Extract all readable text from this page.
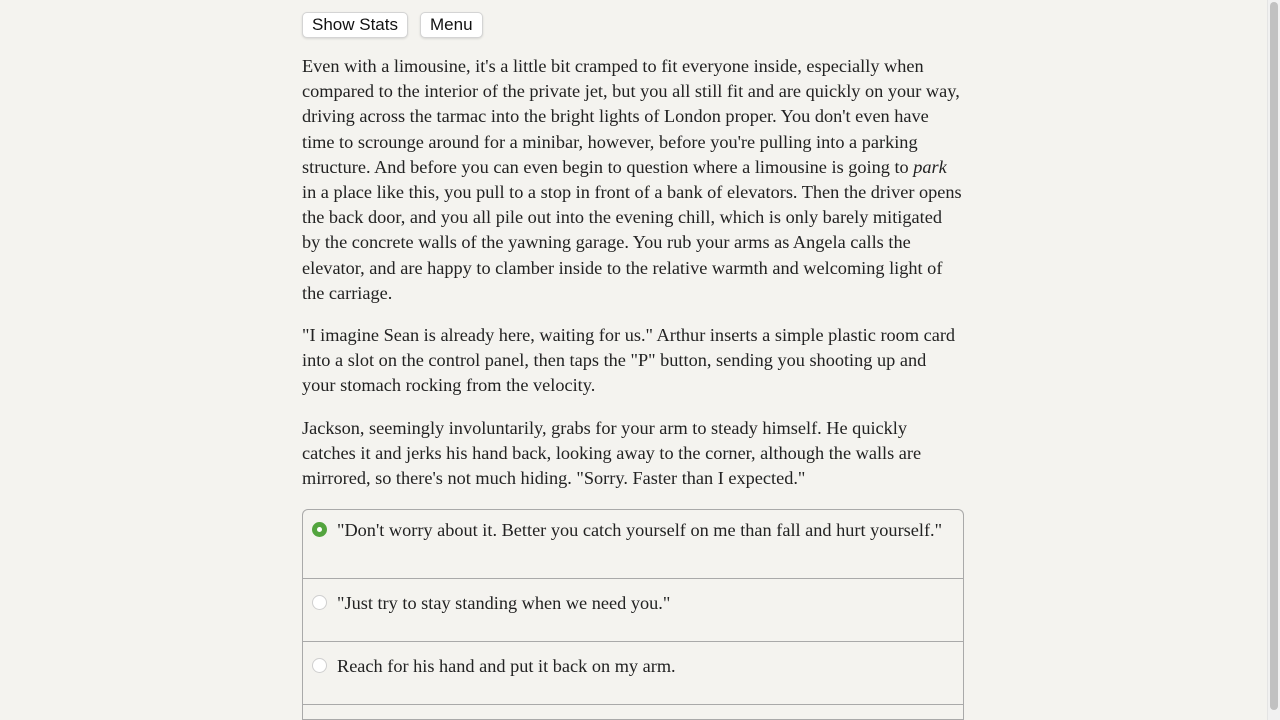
Show Stats	Menu

Even with a limousine, it's a little bit cramped to fit everyone inside, especially when compared to the interior of the private jet, but you all still fit and are quickly on your way, driving across the tarmac into the bright lights of London proper. You don't even have time to scrounge around for a minibar, however, before you're pulling into a parking structure. And before you can even begin to question where a limousine is going to park in a place like this, you pull to a stop in front of a bank of elevators. Then the driver opens the back door, and you all pile out into the evening chill, which is only barely mitigated by the concrete walls of the yawning garage. You rub your arms as Angela calls the elevator, and are happy to clamber inside to the relative warmth and welcoming light of the carriage.

"I imagine Sean is already here, waiting for us." Arthur inserts a simple plastic room card into a slot on the control panel, then taps the "P" button, sending you shooting up and your stomach rocking from the velocity.

Jackson, seemingly involuntarily, grabs for your arm to steady himself. He quickly catches it and jerks his hand back, looking away to the corner, although the walls are mirrored, so there's not much hiding. "Sorry. Faster than I expected."

"Don't worry about it. Better you catch yourself on me than fall and hurt yourself."
"Just try to stay standing when we need you."
Reach for his hand and put it back on my arm.
